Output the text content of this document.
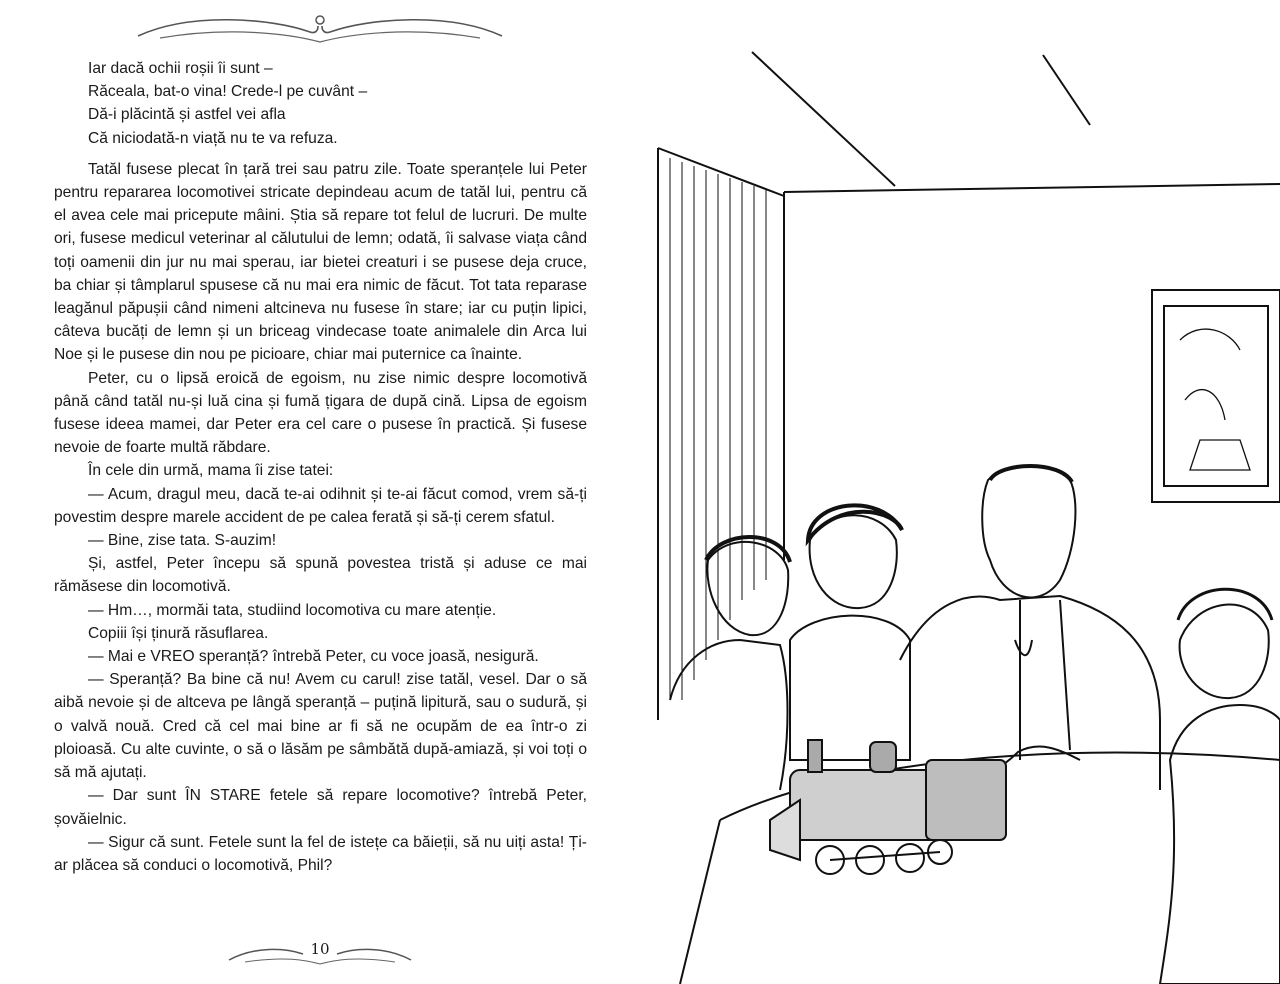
Iar dacă ochii roșii îi sunt –
Răceala, bat-o vina! Crede-l pe cuvânt –
Dă-i plăcintă și astfel vei afla
Că niciodată-n viață nu te va refuza.

Tatăl fusese plecat în țară trei sau patru zile. Toate speranțele lui Peter pentru repararea locomotivei stricate depindeau acum de tatăl lui, pentru că el avea cele mai pricepute mâini. Știa să repare tot felul de lucruri. De multe ori, fusese medicul veterinar al călutului de lemn; odată, îi salvase viața când toți oamenii din jur nu mai sperau, iar bietei creaturi i se pusese deja cruce, ba chiar și tâmplarul spusese că nu mai era nimic de făcut. Tot tata reparase leagănul păpușii când nimeni altcineva nu fusese în stare; iar cu puțin lipici, câteva bucăți de lemn și un briceag vindecase toate animalele din Arca lui Noe și le pusese din nou pe picioare, chiar mai puternice ca înainte.

Peter, cu o lipsă eroică de egoism, nu zise nimic despre locomotivă până când tatăl nu-și luă cina și fumă țigara de după cină. Lipsa de egoism fusese ideea mamei, dar Peter era cel care o pusese în practică. Și fusese nevoie de foarte multă răbdare.

În cele din urmă, mama îi zise tatei:

— Acum, dragul meu, dacă te-ai odihnit și te-ai făcut comod, vrem să-ți povestim despre marele accident de pe calea ferată și să-ți cerem sfatul.

— Bine, zise tata. S-auzim!

Și, astfel, Peter începu să spună povestea tristă și aduse ce mai rămăsese din locomotivă.

— Hm…, mormăi tata, studiind locomotiva cu mare atenție.

Copiii își ținură răsuflarea.

— Mai e VREO speranță? întrebă Peter, cu voce joasă, nesigură.

— Speranță? Ba bine că nu! Avem cu carul! zise tatăl, vesel. Dar o să aibă nevoie și de altceva pe lângă speranță – puțină lipitură, sau o sudură, și o valvă nouă. Cred că cel mai bine ar fi să ne ocupăm de ea într-o zi ploioasă. Cu alte cuvinte, o să o lăsăm pe sâmbătă după-amiază, și voi toți o să mă ajutați.

— Dar sunt ÎN STARE fetele să repare locomotive? întrebă Peter, șovăielnic.

— Sigur că sunt. Fetele sunt la fel de istețe ca băieții, să nu uiți asta! Ți-ar plăcea să conduci o locomotivă, Phil?

10
